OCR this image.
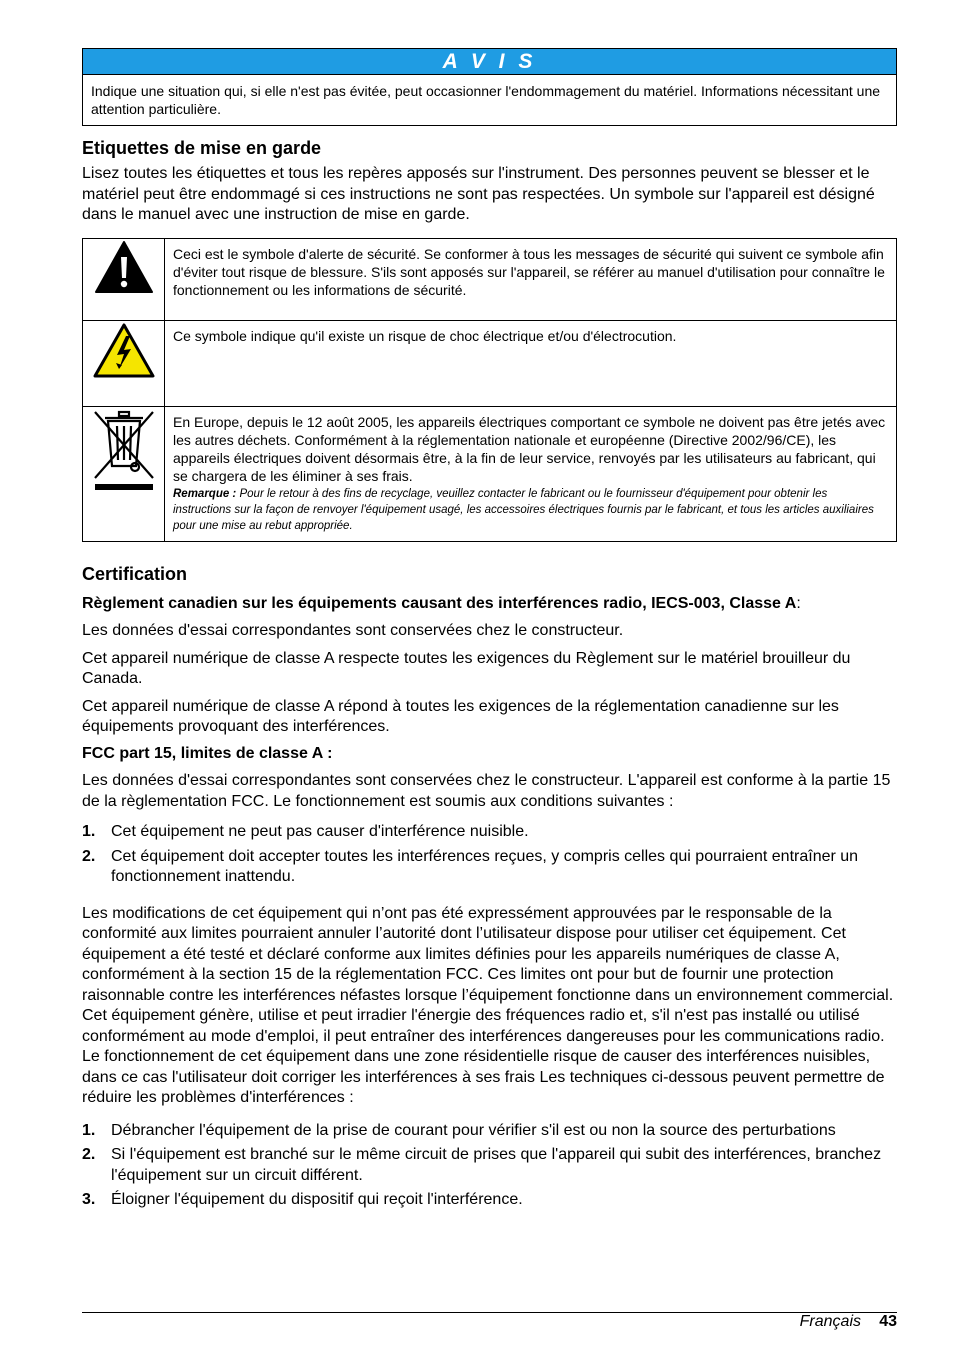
A V I S
Indique une situation qui, si elle n'est pas évitée, peut occasionner l'endommagement du matériel. Informations nécessitant une attention particulière.
Etiquettes de mise en garde

Lisez toutes les étiquettes et tous les repères apposés sur l'instrument. Des personnes peuvent se blesser et le matériel peut être endommagé si ces instructions ne sont pas respectées. Un symbole sur l'appareil est désigné dans le manuel avec une instruction de mise en garde.

	Ceci est le symbole d'alerte de sécurité. Se conformer à tous les messages de sécurité qui suivent ce symbole afin d'éviter tout risque de blessure. S'ils sont apposés sur l'appareil, se référer au manuel d'utilisation pour connaître le fonctionnement ou les informations de sécurité.
	Ce symbole indique qu'il existe un risque de choc électrique et/ou d'électrocution.
	En Europe, depuis le 12 août 2005, les appareils électriques comportant ce symbole ne doivent pas être jetés avec les autres déchets. Conformément à la réglementation nationale et européenne (Directive 2002/96/CE), les appareils électriques doivent désormais être, à la fin de leur service, renvoyés par les utilisateurs au fabricant, qui se chargera de les éliminer à ses frais.
Remarque : Pour le retour à des fins de recyclage, veuillez contacter le fabricant ou le fournisseur d'équipement pour obtenir les instructions sur la façon de renvoyer l'équipement usagé, les accessoires électriques fournis par le fabricant, et tous les articles auxiliaires pour une mise au rebut appropriée.
Certification
Règlement canadien sur les équipements causant des interférences radio, IECS-003, Classe A:

Les données d'essai correspondantes sont conservées chez le constructeur.

Cet appareil numérique de classe A respecte toutes les exigences du Règlement sur le matériel brouilleur du Canada.

Cet appareil numérique de classe A répond à toutes les exigences de la réglementation canadienne sur les équipements provoquant des interférences.

FCC part 15, limites de classe A :

Les données d'essai correspondantes sont conservées chez le constructeur. L'appareil est conforme à la partie 15 de la règlementation FCC. Le fonctionnement est soumis aux conditions suivantes :

1. Cet équipement ne peut pas causer d'interférence nuisible.
2. Cet équipement doit accepter toutes les interférences reçues, y compris celles qui pourraient entraîner un fonctionnement inattendu.

Les modifications de cet équipement qui n’ont pas été expressément approuvées par le responsable de la conformité aux limites pourraient annuler l’autorité dont l’utilisateur dispose pour utiliser cet équipement. Cet équipement a été testé et déclaré conforme aux limites définies pour les appareils numériques de classe A, conformément à la section 15 de la réglementation FCC. Ces limites ont pour but de fournir une protection raisonnable contre les interférences néfastes lorsque l’équipement fonctionne dans un environnement commercial. Cet équipement génère, utilise et peut irradier l'énergie des fréquences radio et, s'il n'est pas installé ou utilisé conformément au mode d'emploi, il peut entraîner des interférences dangereuses pour les communications radio. Le fonctionnement de cet équipement dans une zone résidentielle risque de causer des interférences nuisibles, dans ce cas l'utilisateur doit corriger les interférences à ses frais Les techniques ci-dessous peuvent permettre de réduire les problèmes d'interférences :

1. Débrancher l'équipement de la prise de courant pour vérifier s'il est ou non la source des perturbations
2. Si l'équipement est branché sur le même circuit de prises que l'appareil qui subit des interférences, branchez l'équipement sur un circuit différent.
3. Éloigner l'équipement du dispositif qui reçoit l'interférence.
Français 43
